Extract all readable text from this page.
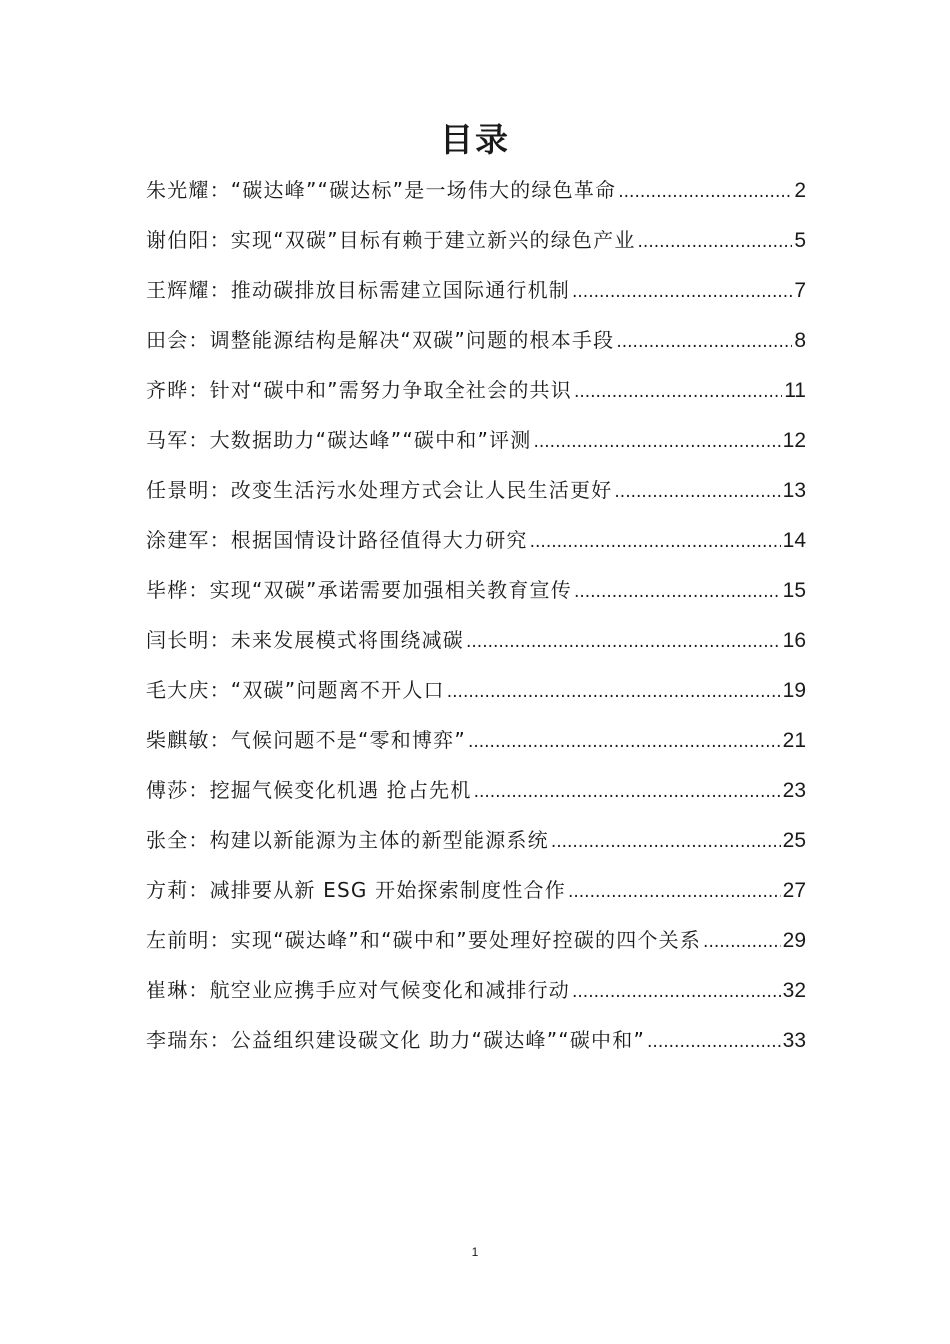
目录
朱光耀：“碳达峰”“碳达标”是一场伟大的绿色革命 .....	2
谢伯阳：实现“双碳”目标有赖于建立新兴的绿色产业 .....	5
王辉耀：推动碳排放目标需建立国际通行机制 .....	7
田会：调整能源结构是解决“双碳”问题的根本手段 .....	8
齐晔：针对“碳中和”需努力争取全社会的共识 .....	11
马军：大数据助力“碳达峰”“碳中和”评测 .....	12
任景明：改变生活污水处理方式会让人民生活更好 .....	13
涂建军：根据国情设计路径值得大力研究 .....	14
毕桦：实现“双碳”承诺需要加强相关教育宣传 .....	15
闫长明：未来发展模式将围绕减碳 .....	16
毛大庆：“双碳”问题离不开人口 .....	19
柴麒敏：气候问题不是“零和博弈” .....	21
傅莎：挖掘气候变化机遇 抢占先机 .....	23
张全：构建以新能源为主体的新型能源系统 .....	25
方莉：减排要从新 ESG 开始探索制度性合作 .....	27
左前明：实现“碳达峰”和“碳中和”要处理好控碳的四个关系 .....	29
崔琳：航空业应携手应对气候变化和减排行动 .....	32
李瑞东：公益组织建设碳文化 助力“碳达峰”“碳中和” .....	33
1
